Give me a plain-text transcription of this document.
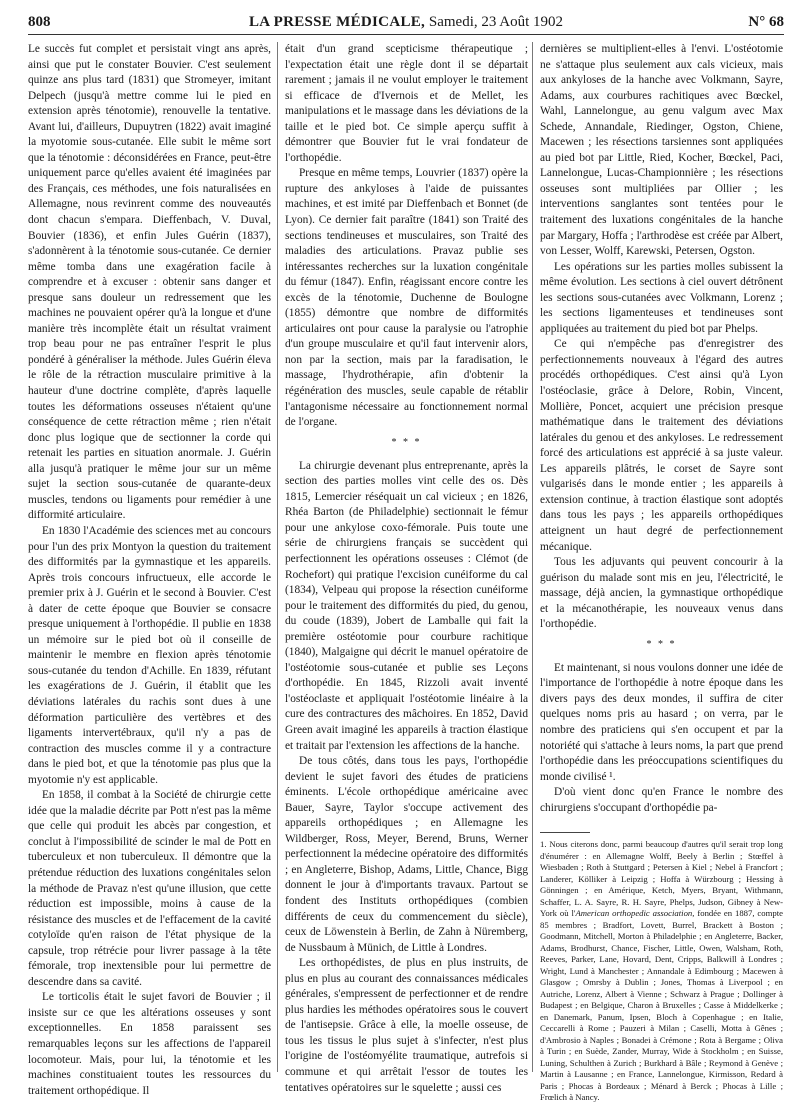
808	LA PRESSE MÉDICALE, Samedi, 23 Août 1902	N° 68

Le succès fut complet et persistait vingt ans après, ainsi que put le constater Bouvier. C'est seulement quinze ans plus tard (1831) que Stromeyer, imitant Delpech (jusqu'à mettre comme lui le pied en extension après ténotomie), renouvelle la tentative. Avant lui, d'ailleurs, Dupuytren (1822) avait imaginé la myotomie sous-cutanée. Elle subit le même sort que la ténotomie : déconsidérées en France, peut-être uniquement parce qu'elles avaient été imaginées par des Français, ces méthodes, une fois naturalisées en Allemagne, nous revinrent comme des nouveautés dont chacun s'empara. Dieffenbach, V. Duval, Bouvier (1836), et enfin Jules Guérin (1837), s'adonnèrent à la ténotomie sous-cutanée. Ce dernier même tomba dans une exagération facile à comprendre et à excuser : obtenir sans danger et presque sans douleur un redressement que les machines ne pouvaient opérer qu'à la longue et d'une manière très incomplète était un résultat vraiment trop beau pour ne pas entraîner l'esprit le plus pondéré à généraliser la méthode. Jules Guérin éleva le rôle de la rétraction musculaire primitive à la hauteur d'une doctrine complète, d'après laquelle toutes les déformations osseuses n'étaient qu'une conséquence de cette rétraction même ; rien n'était donc plus logique que de sectionner la corde qui retenait les parties en situation anormale. J. Guérin alla jusqu'à pratiquer le même jour sur un même sujet la section sous-cutanée de quarante-deux muscles, tendons ou ligaments pour remédier à une difformité articulaire.

En 1830 l'Académie des sciences met au concours pour l'un des prix Montyon la question du traitement des difformités par la gymnastique et les appareils. Après trois concours infructueux, elle accorde le premier prix à J. Guérin et le second à Bouvier. C'est à dater de cette époque que Bouvier se consacre presque uniquement à l'orthopédie. Il publie en 1838 un mémoire sur le pied bot où il conseille de maintenir le membre en flexion après ténotomie sous-cutanée du tendon d'Achille. En 1839, réfutant les exagérations de J. Guérin, il établit que les déviations latérales du rachis sont dues à une déformation particulière des vertèbres et des ligaments intervertébraux, qu'il n'y a pas de contraction des muscles comme il y a contracture dans le pied bot, et que la ténotomie pas plus que la myotomie n'y est applicable.

En 1858, il combat à la Société de chirurgie cette idée que la maladie décrite par Pott n'est pas la même que celle qui produit les abcès par congestion, et conclut à l'impossibilité de scinder le mal de Pott en tuberculeux et non tuberculeux. Il démontre que la prétendue réduction des luxations congénitales selon la méthode de Pravaz n'est qu'une illusion, que cette réduction est impossible, moins à cause de la résistance des muscles et de l'effacement de la cavité cotyloïde qu'en raison de l'état physique de la capsule, trop rétrécie pour livrer passage à la tête fémorale, trop inextensible pour lui permettre de descendre dans sa cavité.

Le torticolis était le sujet favori de Bouvier ; il insiste sur ce que les altérations osseuses y sont exceptionnelles. En 1858 paraissent ses remarquables leçons sur les affections de l'appareil locomoteur. Mais, pour lui, la ténotomie et les machines constituaient toutes les ressources du traitement orthopédique. Il

était d'un grand scepticisme thérapeutique ; l'expectation était une règle dont il se départait rarement ; jamais il ne voulut employer le traitement si efficace de d'Ivernois et de Mellet, les manipulations et le massage dans les déviations de la taille et le pied bot. Ce simple aperçu suffit à démontrer que Bouvier fut le vrai fondateur de l'orthopédie.

Presque en même temps, Louvrier (1837) opère la rupture des ankyloses à l'aide de puissantes machines, et est imité par Dieffenbach et Bonnet (de Lyon). Ce dernier fait paraître (1841) son Traité des sections tendineuses et musculaires, son Traité des maladies des articulations. Pravaz publie ses intéressantes recherches sur la luxation congénitale du fémur (1847). Enfin, réagissant encore contre les excès de la ténotomie, Duchenne de Boulogne (1855) démontre que nombre de difformités articulaires ont pour cause la paralysie ou l'atrophie d'un groupe musculaire et qu'il faut intervenir alors, non par la section, mais par la faradisation, le massage, l'hydrothérapie, afin d'obtenir la régénération des muscles, seule capable de rétablir l'antagonisme nécessaire au fonctionnement normal de l'organe.

* * *

La chirurgie devenant plus entreprenante, après la section des parties molles vint celle des os. Dès 1815, Lemercier réséquait un cal vicieux ; en 1826, Rhéa Barton (de Philadelphie) sectionnait le fémur pour une ankylose coxo-fémorale. Puis toute une série de chirurgiens français se succèdent qui perfectionnent les opérations osseuses : Clémot (de Rochefort) qui pratique l'excision cunéiforme du cal (1834), Velpeau qui propose la résection cunéiforme pour le traitement des difformités du pied, du genou, du coude (1839), Jobert de Lamballe qui fait la première ostéotomie pour courbure rachitique (1840), Malgaigne qui décrit le manuel opératoire de l'ostéotomie sous-cutanée et publie ses Leçons d'orthopédie. En 1845, Rizzoli avait inventé l'ostéoclaste et appliquait l'ostéotomie linéaire à la cure des contractures des mâchoires. En 1852, David Green avait imaginé les appareils à traction élastique et traitait par l'extension les affections de la hanche.

De tous côtés, dans tous les pays, l'orthopédie devient le sujet favori des études de praticiens éminents. L'école orthopédique américaine avec Bauer, Sayre, Taylor s'occupe activement des appareils orthopédiques ; en Allemagne les Wildberger, Ross, Meyer, Berend, Bruns, Werner perfectionnent la médecine opératoire des difformités ; en Angleterre, Bishop, Adams, Little, Chance, Bigg donnent le jour à d'importants travaux. Partout se fondent des Instituts orthopédiques (combien différents de ceux du commencement du siècle), ceux de Löwenstein à Berlin, de Zahn à Nüremberg, de Nussbaum à Münich, de Little à Londres.

Les orthopédistes, de plus en plus instruits, de plus en plus au courant des connaissances médicales générales, s'empressent de perfectionner et de rendre plus hardies les méthodes opératoires sous le couvert de l'antisepsie. Grâce à elle, la moelle osseuse, de tous les tissus le plus sujet à s'infecter, n'est plus l'origine de l'ostéomyélite traumatique, autrefois si commune et qui arrêtait l'essor de toutes les tentatives opératoires sur le squelette ; aussi ces

dernières se multiplient-elles à l'envi. L'ostéotomie ne s'attaque plus seulement aux cals vicieux, mais aux ankyloses de la hanche avec Volkmann, Sayre, Adams, aux courbures rachitiques avec Bœckel, Wahl, Lannelongue, au genu valgum avec Max Schede, Annandale, Riedinger, Ogston, Chiene, Macewen ; les résections tarsiennes sont appliquées au pied bot par Little, Ried, Kocher, Bœckel, Paci, Lannelongue, Lucas-Championnière ; les résections osseuses sont multipliées par Ollier ; les interventions sanglantes sont tentées pour le traitement des luxations congénitales de la hanche par Margary, Hoffa ; l'arthrodèse est créée par Albert, von Lesser, Wolff, Karewski, Petersen, Ogston.

Les opérations sur les parties molles subissent la même évolution. Les sections à ciel ouvert détrônent les sections sous-cutanées avec Volkmann, Lorenz ; les sections ligamenteuses et tendineuses sont appliquées au traitement du pied bot par Phelps.

Ce qui n'empêche pas d'enregistrer des perfectionnements nouveaux à l'égard des autres procédés orthopédiques. C'est ainsi qu'à Lyon l'ostéoclasie, grâce à Delore, Robin, Vincent, Mollière, Poncet, acquiert une précision presque mathématique dans le traitement des déviations latérales du genou et des ankyloses. Le redressement forcé des articulations est apprécié à sa juste valeur. Les appareils plâtrés, le corset de Sayre sont vulgarisés dans le monde entier ; les appareils à extension continue, à traction élastique sont adoptés dans tous les pays ; les appareils orthopédiques atteignent un haut degré de perfectionnement mécanique.

Tous les adjuvants qui peuvent concourir à la guérison du malade sont mis en jeu, l'électricité, le massage, déjà ancien, la gymnastique orthopédique et la mécanothérapie, les nouveaux venus dans l'orthopédie.

* * *

Et maintenant, si nous voulons donner une idée de l'importance de l'orthopédie à notre époque dans les divers pays des deux mondes, il suffira de citer quelques noms pris au hasard ; on verra, par le nombre des praticiens qui s'en occupent et par la notoriété qui s'attache à leurs noms, la part que prend l'orthopédie dans les préoccupations scientifiques du monde civilisé ¹.

D'où vient donc qu'en France le nombre des chirurgiens s'occupant d'orthopédie pa-

1. Nous citerons donc, parmi beaucoup d'autres qu'il serait trop long d'énumérer : en Allemagne Wolff, Beely à Berlin ; Stœffel à Wiesbaden ; Roth à Stuttgard ; Petersen à Kiel ; Nebel à Francfort ; Landerer, Kölliker à Leipzig ; Hoffa à Würzbourg ; Hessing à Gönningen ; en Amérique, Ketch, Myers, Bryant, Withmann, Schaffer, L. A. Sayre, R. H. Sayre, Phelps, Judson, Gibney à New-York où l'American orthopedic association, fondée en 1887, compte 85 membres ; Bradfort, Lovett, Burrel, Brackett à Boston ; Goodmann, Mitchell, Morton à Philadelphie ; en Angleterre, Backer, Adams, Brodhurst, Chance, Fischer, Little, Owen, Walsham, Roth, Reeves, Parker, Lane, Hovard, Dent, Cripps, Balkwill à Londres ; Wright, Lund à Manchester ; Annandale à Edimbourg ; Macewen à Glasgow ; Omrsby à Dublin ; Jones, Thomas à Liverpool ; en Autriche, Lorenz, Albert à Vienne ; Schwarz à Prague ; Dollinger à Budapest ; en Belgique, Charon à Bruxelles ; Casse à Middelkerke ; en Danemark, Panum, Ipsen, Bloch à Copenhague ; en Italie, Ceccarelli à Rome ; Pauzeri à Milan ; Caselli, Motta à Gênes ; d'Ambrosio à Naples ; Bonadei à Crémone ; Rota à Bergame ; Oliva à Turin ; en Suède, Zander, Murray, Wide à Stockholm ; en Suisse, Luning, Schulthen à Zurich ; Burkhard à Bâle ; Reymond à Genève ; Martin à Lausanne ; en France, Lannelongue, Kirmisson, Redard à Paris ; Phocas à Bordeaux ; Ménard à Berck ; Phocas à Lille ; Frœlich à Nancy.
